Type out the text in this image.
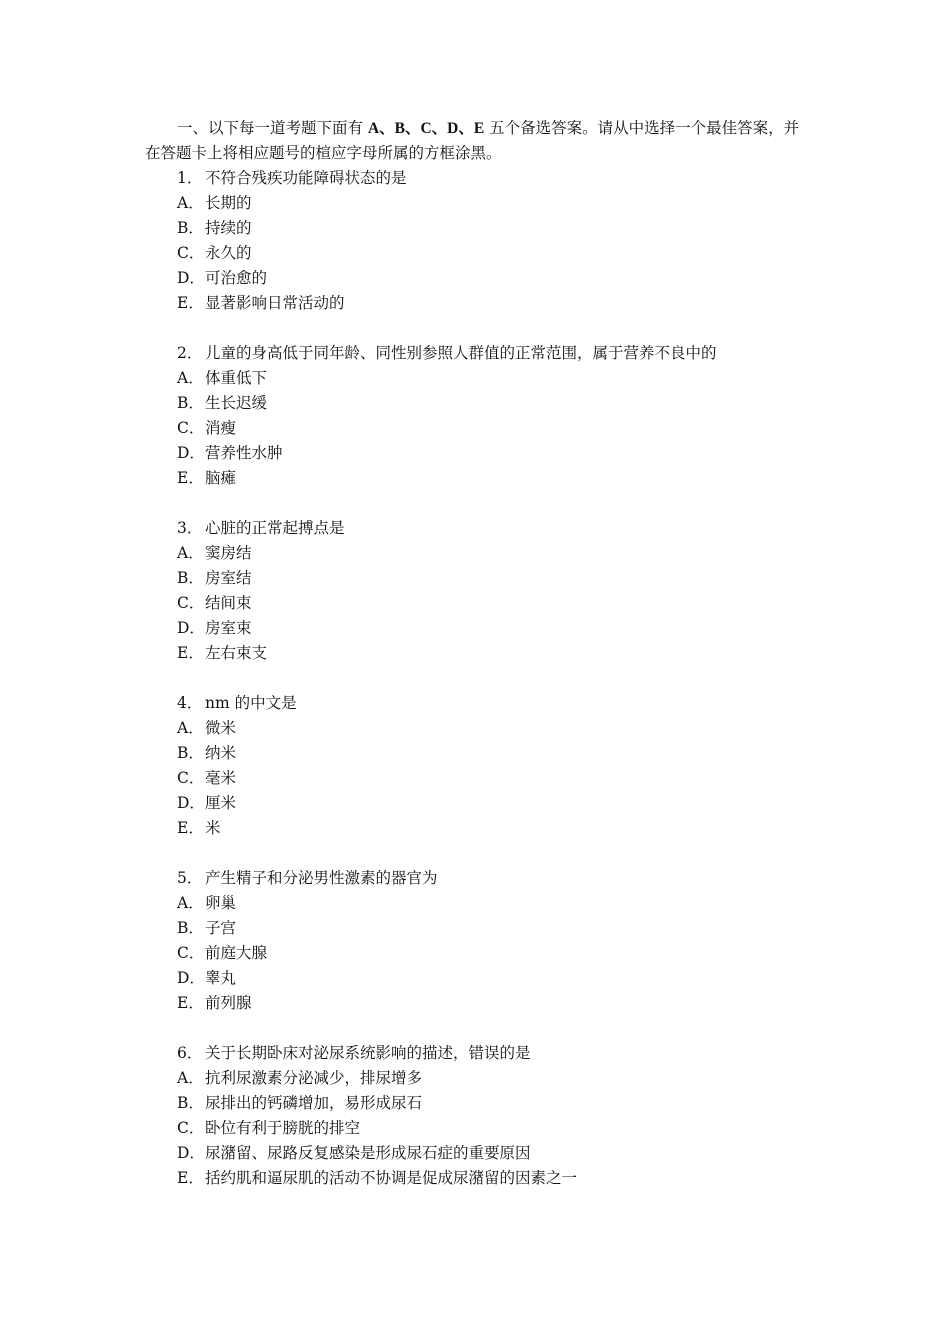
一、以下每一道考题下面有 A、B、C、D、E 五个备选答案。请从中选择一个最佳答案，并在答题卡上将相应题号的楦应字母所属的方框涂黑。
1． 不符合残疾功能障碍状态的是
A．长期的
B．持续的
C．永久的
D．可治愈的
E．显著影响日常活动的
2． 儿童的身高低于同年龄、同性别参照人群值的正常范围，属于营养不良中的
A．体重低下
B．生长迟缓
C．消瘦
D．营养性水肿
E．脑瘫
3． 心脏的正常起搏点是
A．窦房结
B．房室结
C．结间束
D．房室束
E．左右束支
4． nm 的中文是
A．微米
B．纳米
C．毫米
D．厘米
E．米
5． 产生精子和分泌男性激素的器官为
A．卵巢
B．子宫
C．前庭大腺
D．睾丸
E．前列腺
6． 关于长期卧床对泌尿系统影响的描述，错误的是
A．抗利尿激素分泌减少，排尿增多
B．尿排出的钙磷增加，易形成尿石
C．卧位有利于膀胱的排空
D．尿潴留、尿路反复感染是形成尿石症的重要原因
E．括约肌和逼尿肌的活动不协调是促成尿潴留的因素之一
